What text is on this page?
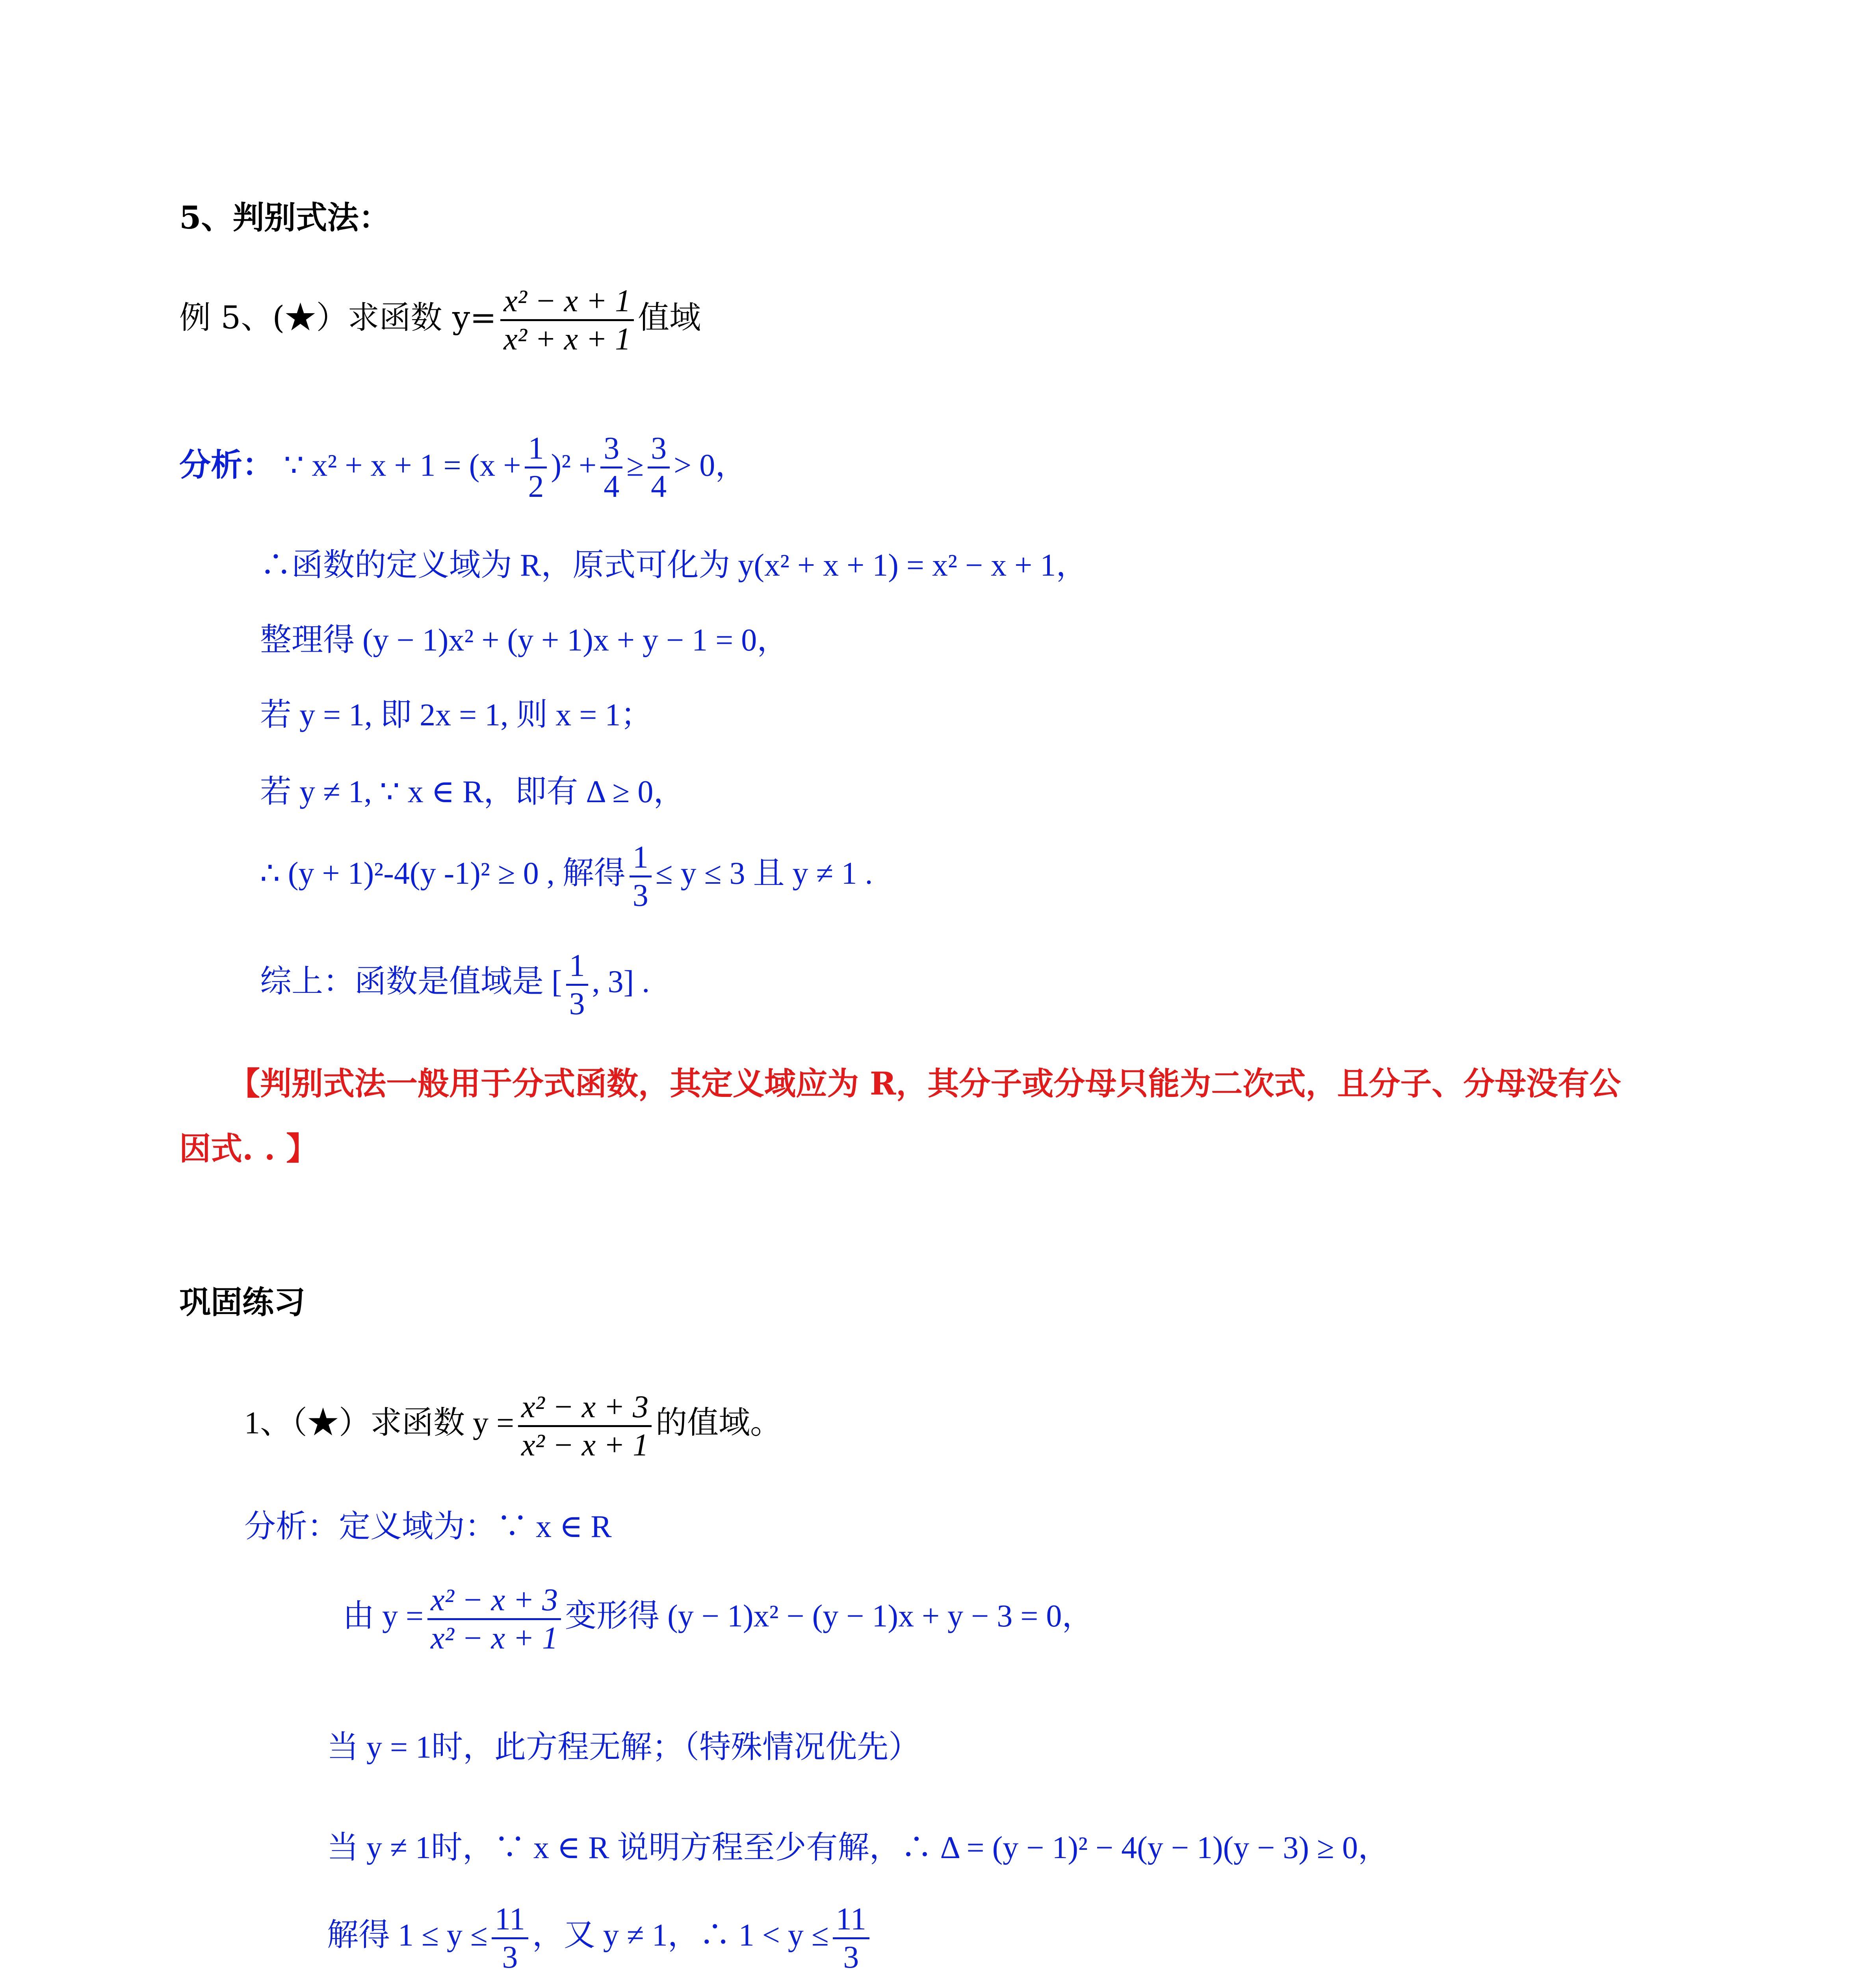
5、判别式法：
例 5、(★）求函数 $y= \frac{\text{x² − x + 1}}{\text{x² + x + 1}}$ 值域
分析： ∵ $x^2 + x + 1 = (x + \frac{1}{2} )^2 + \frac{3}{4} \ge \frac{3}{4} > 0$，
∴函数的定义域为 R，原式可化为 y(x² + x + 1) = x² − x + 1，
整理得 (y − 1)x² + (y + 1)x + y − 1 = 0，
若 y = 1, 即 2x = 1, 则 x = 1；
若 y ≠ 1, ∵ x ∈ R，即有 Δ ≥ 0，
∴ (y + 1)²-4(y -1)² ≥ 0 , 解得 $\frac{1}{3} \le y \le 3$ 且 y ≠ 1 .
综上：函数是值域是 [ $\frac{1}{3}$ , 3] .
【判别式法一般用于分式函数，其定义域应为 R，其分子或分母只能为二次式，且分子、分母没有公
因式. . 】
巩固练习
1、（★）求函数 $y = \frac{\text{x² − x + 3}}{\text{x² − x + 1}}$ 的值域。
分析：定义域为：∵ x ∈ R
由 $y = \frac{\text{x² − x + 3}}{\text{x² − x + 1}}$ 变形得 (y − 1)x² − (y − 1)x + y − 3 = 0，
当 y = 1时，此方程无解；（特殊情况优先）
当 y ≠ 1时，∵ x ∈ R 说明方程至少有解，∴ Δ = (y − 1)² − 4(y − 1)(y − 3) ≥ 0，
解得 $1 \le y \le \frac{11}{3}$ ，又 y ≠ 1，∴ $1 < y \le \frac{11}{3}$
